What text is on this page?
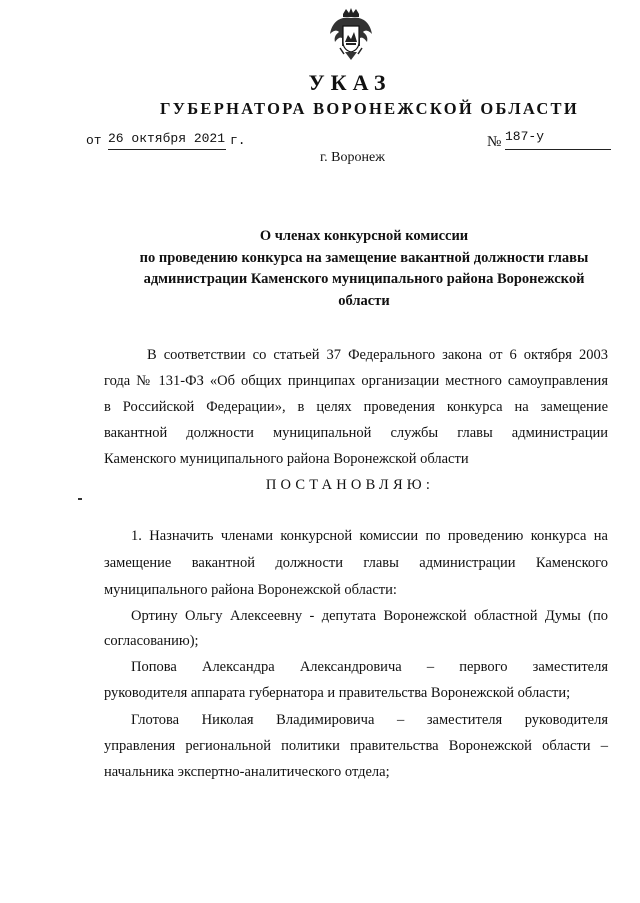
УКАЗ
ГУБЕРНАТОРА ВОРОНЕЖСКОЙ ОБЛАСТИ
от 26 октября 2021 г.	№ 187-у
г. Воронеж
О членах конкурсной комиссии
по проведению конкурса на замещение вакантной должности главы
администрации Каменского муниципального района Воронежской
области
В соответствии со статьей 37 Федерального закона от 6 октября 2003
года № 131-ФЗ «Об общих принципах организации местного самоуправления
в Российской Федерации», в целях проведения конкурса на замещение
вакантной должности муниципальной службы главы администрации
Каменского муниципального района Воронежской области
ПОСТАНОВЛЯЮ:
1. Назначить членами конкурсной комиссии по проведению конкурса на
замещение вакантной должности главы администрации Каменского
муниципального района Воронежской области:
Ортину Ольгу Алексеевну - депутата Воронежской областной Думы (по
согласованию);
Попова Александра Александровича – первого заместителя
руководителя аппарата губернатора и правительства Воронежской области;
Глотова Николая Владимировича – заместителя руководителя
управления региональной политики правительства Воронежской области –
начальника экспертно-аналитического отдела;
